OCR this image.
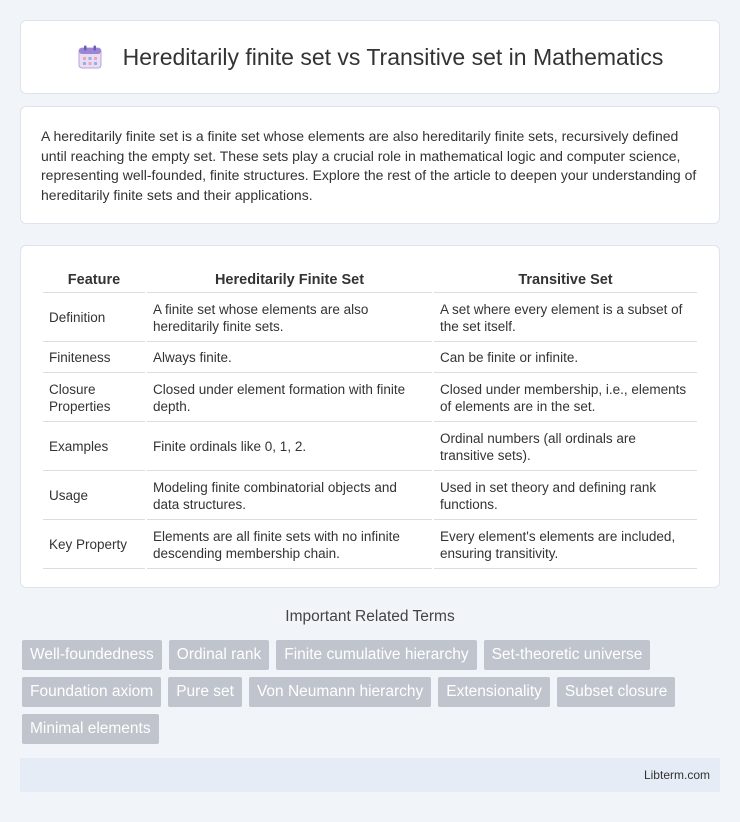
Hereditarily finite set vs Transitive set in Mathematics

A hereditarily finite set is a finite set whose elements are also hereditarily finite sets, recursively defined until reaching the empty set. These sets play a crucial role in mathematical logic and computer science, representing well-founded, finite structures. Explore the rest of the article to deepen your understanding of hereditarily finite sets and their applications.

Feature	Hereditarily Finite Set	Transitive Set
Definition	A finite set whose elements are also hereditarily finite sets.	A set where every element is a subset of the set itself.
Finiteness	Always finite.	Can be finite or infinite.
Closure Properties	Closed under element formation with finite depth.	Closed under membership, i.e., elements of elements are in the set.
Examples	Finite ordinals like 0, 1, 2.	Ordinal numbers (all ordinals are transitive sets).
Usage	Modeling finite combinatorial objects and data structures.	Used in set theory and defining rank functions.
Key Property	Elements are all finite sets with no infinite descending membership chain.	Every element's elements are included, ensuring transitivity.
Important Related Terms
Well-foundedness	Ordinal rank	Finite cumulative hierarchy	Set-theoretic universe
Foundation axiom	Pure set	Von Neumann hierarchy	Extensionality	Subset closure
Minimal elements
Libterm.com
